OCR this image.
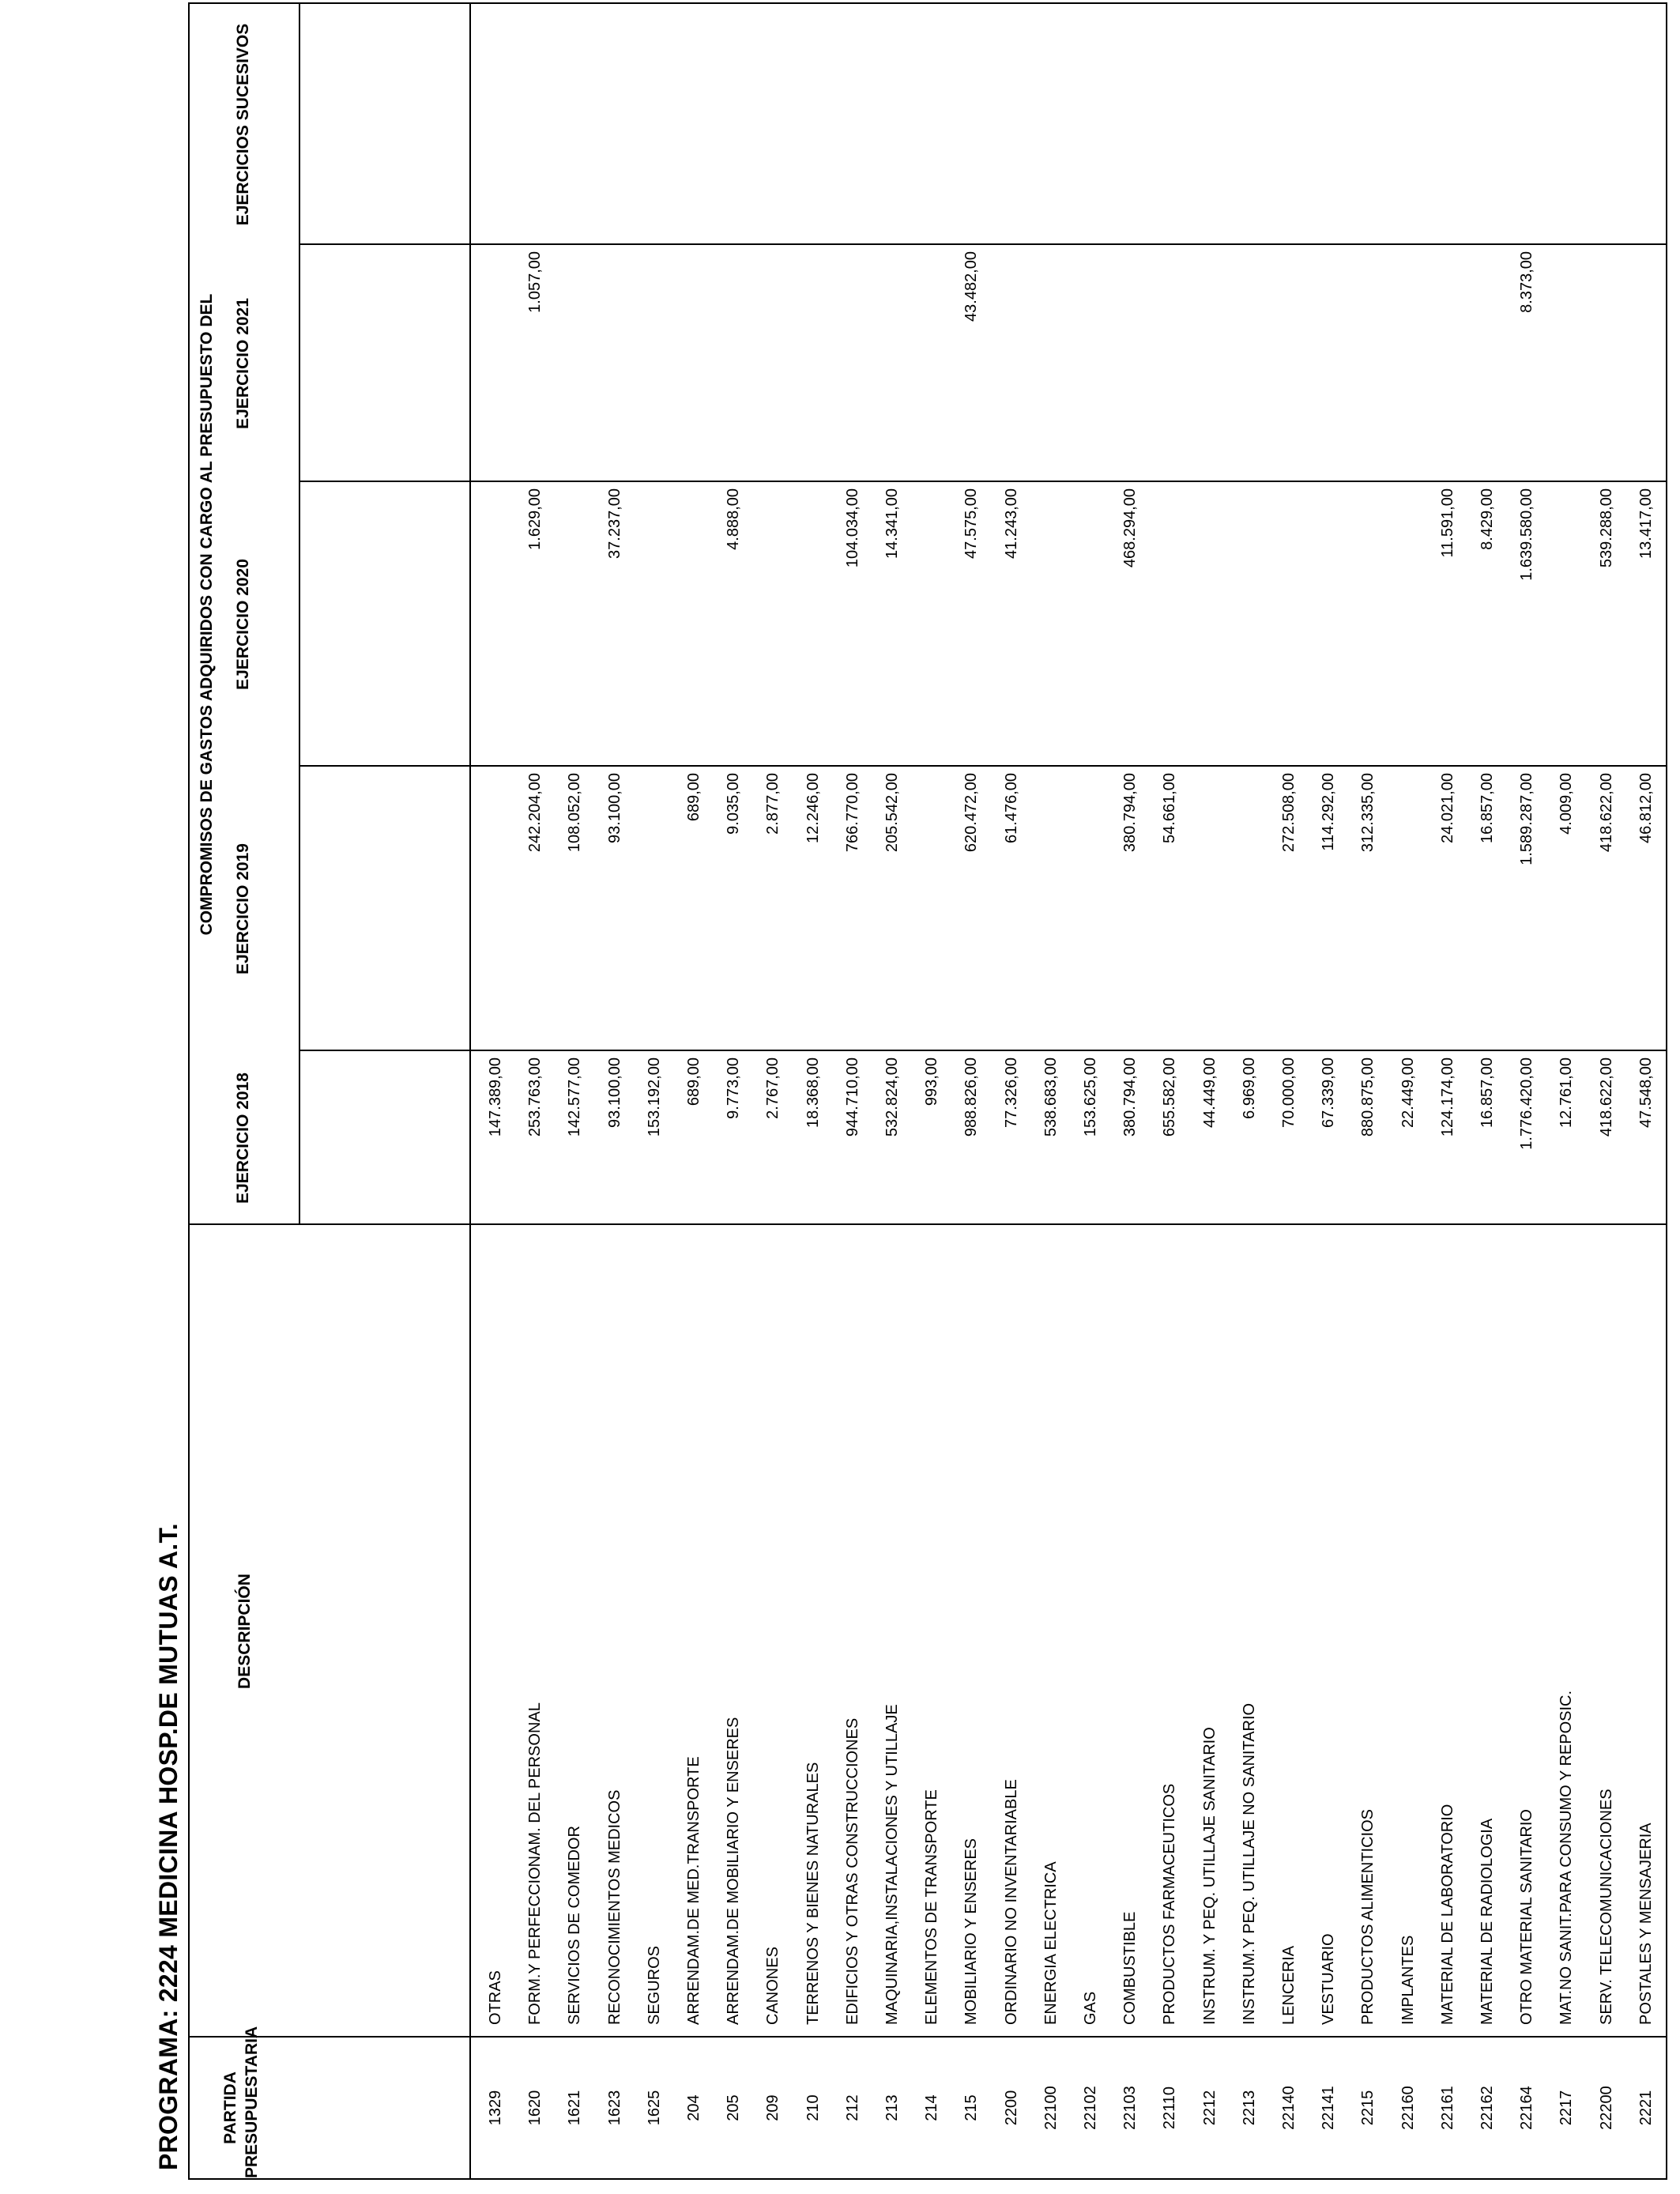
PROGRAMA: 2224 MEDICINA HOSP.DE MUTUAS A.T. PARTIDA PRESUPUESTARIA
DESCRIPCIÓN
COMPROMISOS DE GASTOS ADQUIRIDOS CON CARGO AL PRESUPUESTO DEL
EJERCICIO 2018
EJERCICIO 2019
EJERCICIO 2020
EJERCICIO 2021
EJERCICIOS SUCESIVOS
1329
OTRAS
147.389,00
1620
FORM.Y PERFECCIONAM. DEL PERSONAL
253.763,00
242.204,00
1.629,00
1.057,00
1621
SERVICIOS DE COMEDOR
142.577,00
108.052,00
1623
RECONOCIMIENTOS MEDICOS
93.100,00
93.100,00
37.237,00
1625
SEGUROS
153.192,00
204
ARRENDAM.DE MED.TRANSPORTE
689,00
689,00
205
ARRENDAM.DE MOBILIARIO Y ENSERES
9.773,00
9.035,00
4.888,00
209
CANONES
2.767,00
2.877,00
210
TERRENOS Y BIENES NATURALES
18.368,00
12.246,00
212
EDIFICIOS Y OTRAS CONSTRUCCIONES
944.710,00
766.770,00
104.034,00
213
MAQUINARIA,INSTALACIONES Y UTILLAJE
532.824,00
205.542,00
14.341,00
214
ELEMENTOS DE TRANSPORTE
993,00
215
MOBILIARIO Y ENSERES
988.826,00
620.472,00
47.575,00
43.482,00
2200
ORDINARIO NO INVENTARIABLE
77.326,00
61.476,00
41.243,00
22100
ENERGIA ELECTRICA
538.683,00
22102
GAS
153.625,00
22103
COMBUSTIBLE
380.794,00
380.794,00
468.294,00
22110
PRODUCTOS FARMACEUTICOS
655.582,00
54.661,00
2212
INSTRUM. Y PEQ. UTILLAJE SANITARIO
44.449,00
2213
INSTRUM.Y PEQ. UTILLAJE NO SANITARIO
6.969,00
22140
LENCERIA
70.000,00
272.508,00
22141
VESTUARIO
67.339,00
114.292,00
2215
PRODUCTOS ALIMENTICIOS
880.875,00
312.335,00
22160
IMPLANTES
22.449,00
22161
MATERIAL DE LABORATORIO
124.174,00
24.021,00
11.591,00
22162
MATERIAL DE RADIOLOGIA
16.857,00
16.857,00
8.429,00
22164
OTRO MATERIAL SANITARIO
1.776.420,00
1.589.287,00
1.639.580,00
8.373,00
2217
MAT.NO SANIT.PARA CONSUMO Y REPOSIC.
12.761,00
4.009,00
22200
SERV. TELECOMUNICACIONES
418.622,00
418.622,00
539.288,00
2221
POSTALES Y MENSAJERIA
47.548,00
46.812,00
13.417,00
